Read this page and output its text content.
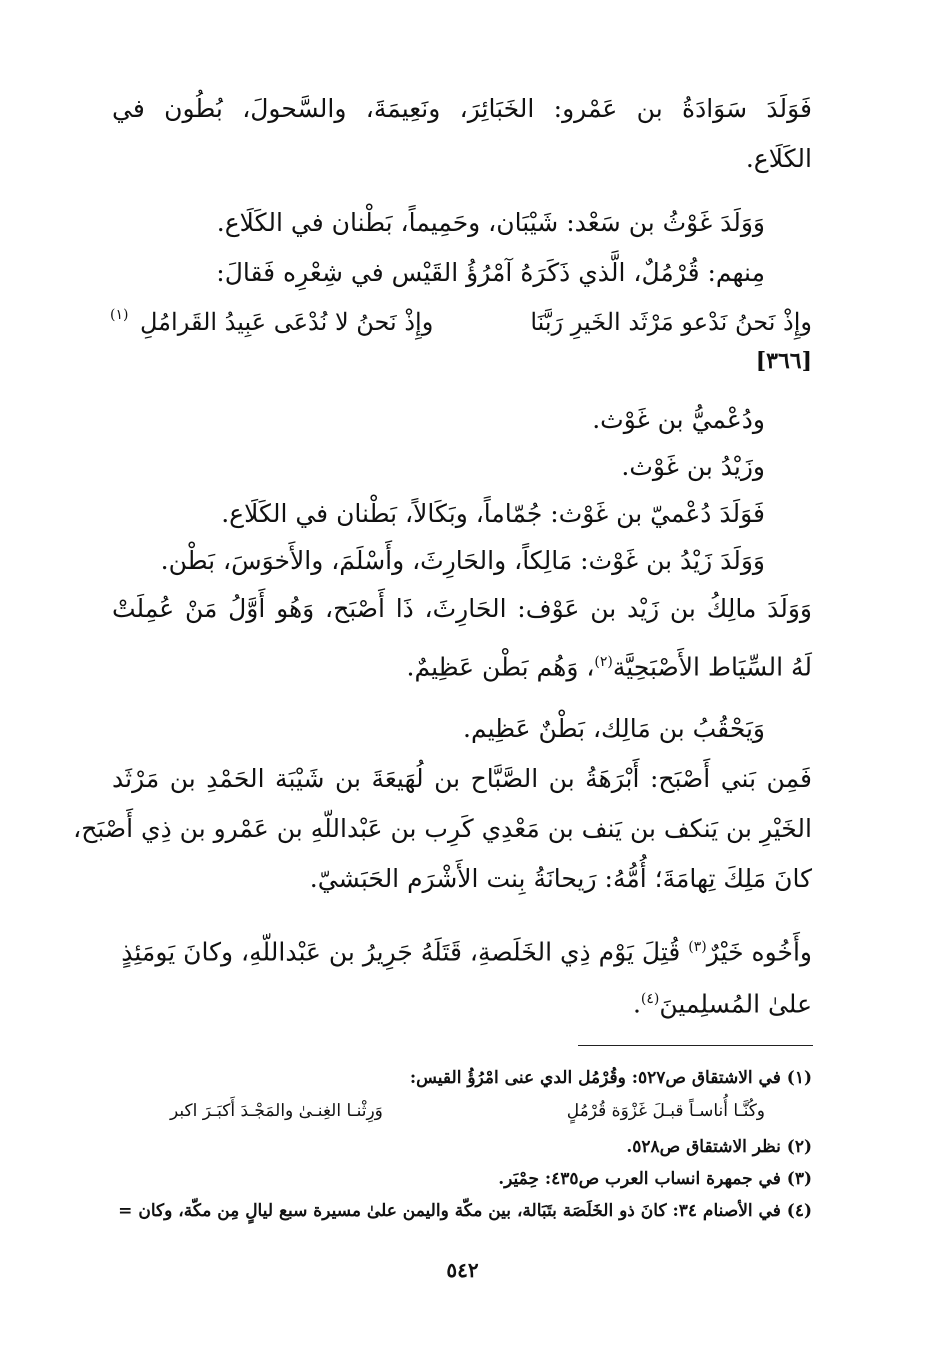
فَوَلَدَ سَوَادَةُ بن عَمْرو: الخَبَائِرَ، ونَعِيمَةَ، والسَّحولَ، بُطُون في
الكَلَاع.
وَوَلَدَ غَوْثُ بن سَعْد: شَيْبَان، وحَمِيماً، بَطْنان في الكَلَاع.
مِنهم: قُرْمُلٌ، الَّذي ذَكَرَهُ آمْرُؤُ القَيْس في شِعْرِه فَقالَ:
وإِذْ نَحنُ نَدْعو مَرْثَد الخَيرِ رَبَّنَا
وإِذْ نَحنُ لا نُدْعَى عَبِيدُ القَرامُلِ
(١)
[٣٦٦]
ودُعْميُّ بن غَوْث.
وزَيْدُ بن غَوْث.
فَوَلَدَ دُعْميّ بن غَوْث: جُمّاماً، وبَكَالاً، بَطْنان في الكَلَاع.
وَوَلَدَ زَيْدُ بن غَوْث: مَالِكاً، والحَارِثَ، وأَسْلَمَ، والأَخوَسَ، بَطْن.
وَوَلَدَ مالِكُ بن زَيْد بن عَوْف: الحَارِثَ، ذَا أَصْبَح، وَهُو أَوَّلُ مَنْ عُمِلَتْ
لَهُ السِّيَاط الأَصْبَحِيَّة$^{(٢)}$، وَهُم بَطْن عَظِيمٌ.
وَيَحْقُبُ بن مَالِك، بَطْنٌ عَظِيم.
فَمِن بَني أَصْبَح: أَبْرَهَةُ بن الصَّبَّاح بن لُهَيعَةَ بن شَيْبَة الحَمْدِ بن مَرْثَد
الخَيْرِ بن يَنكف بن يَنف بن مَعْدِي كَرِب بن عَبْداللّهِ بن عَمْرو بن ذِي أَصْبَح،
كانَ مَلِكَ تِهامَةَ؛ أُمُّهُ: رَيحانَةُ بِنت الأَشْرَم الحَبَشيّ.
وأَخُوه خَيْرٌ$^{(٣)}$ قُتِلَ يَوْم ذِي الخَلَصةِ، قَتَلَهُ جَرِيرُ بن عَبْداللّهِ، وكانَ يَومَئِذٍ
علىٰ المُسلِمينَ$^{(٤)}$.
(١) في الاشتقاق ص٥٢٧: وقُرْمُل الدي عنى امْرُؤُ القيس:
وكُنَّـا أُناسـاً قبـلَ غَزْوَة قُرْمُلٍ
وَرِثْنـا الغِنـىٰ والمَجْـدَ أَكبَـرَ اكبر
(٢) نظر الاشتقاق ص٥٢٨.
(٣) في جمهرة انساب العرب ص٤٣٥: حِمْيَر.
(٤) في الأصنام ٣٤: كانَ ذو الخَلَصَة بتَبَالة، بين مكّة واليمن علىٰ مسيرة سبع ليالٍ مِن مكّة، وكان =
٥٤٢
